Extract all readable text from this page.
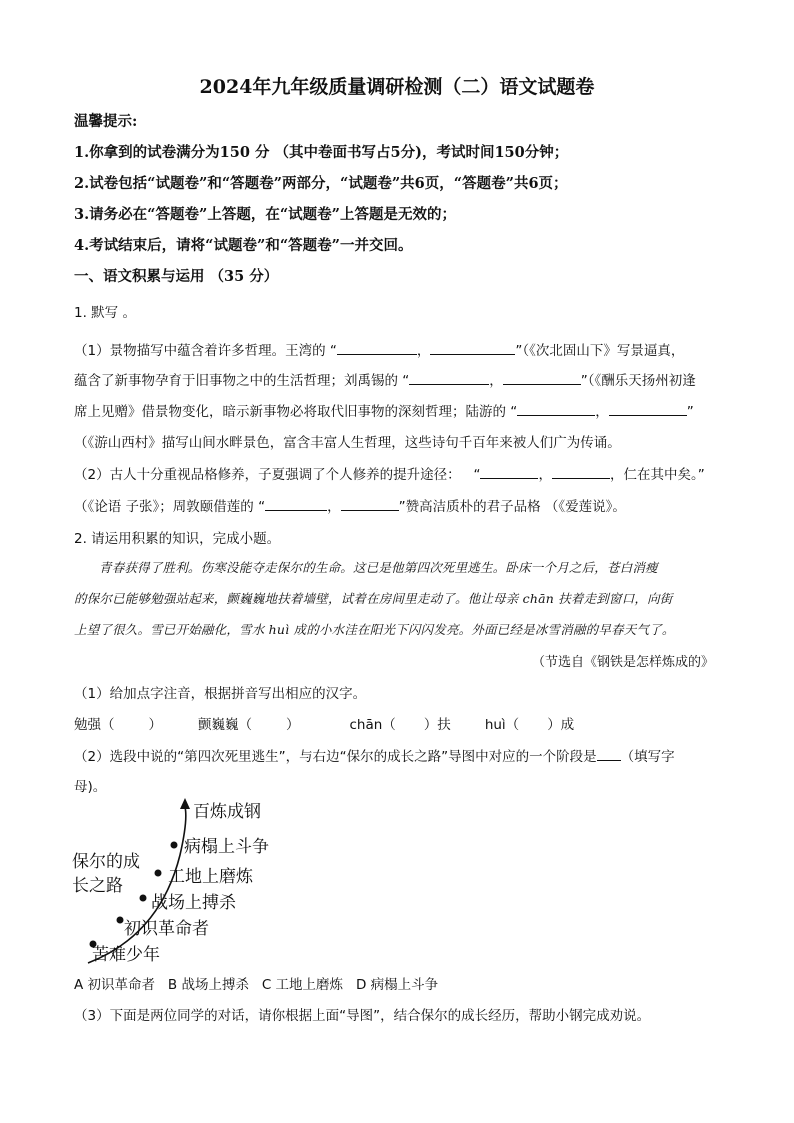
2024年九年级质量调研检测（二）语文试题卷
温馨提示:
1.你拿到的试卷满分为150 分 （其中卷面书写占5分)，考试时间150分钟；
2.试卷包括“试题卷”和“答题卷”两部分，“试题卷”共6页，“答题卷”共6页；
3.请务必在“答题卷”上答题，在“试题卷”上答题是无效的；
4.考试结束后，请将“试题卷”和“答题卷”一并交回。
一、语文积累与运用 （35 分）
1. 默写 。
（1）景物描写中蕴含着许多哲理。王湾的 “	，	”（《次北固山下》写景逼真，
蕴含了新事物孕育于旧事物之中的生活哲理；刘禹锡的 “	，	”（《酬乐天扬州初逢
席上见赠》借景物变化，暗示新事物必将取代旧事物的深刻哲理；陆游的 “	，	”
（《游山西村》描写山间水畔景色，富含丰富人生哲理，这些诗句千百年来被人们广为传诵。
（2）古人十分重视品格修养，子夏强调了个人修养的提升途径： “	，	，仁在其中矣。”
（《论语 子张》；周敦颐借莲的 “	，	”赞高洁质朴的君子品格 （《爱莲说》。
2. 请运用积累的知识，完成小题。
青春获得了胜利。伤寒没能夺走保尔的生命。这已是他第四次死里逃生。卧床一个月之后，苍白消瘦
的保尔已能够勉强站起来，颤巍巍地扶着墙壁，试着在房间里走动了。他让母亲 chān 扶着走到窗口，向街
上望了很久。雪已开始融化，雪水 huì 成的小水洼在阳光下闪闪发亮。外面已经是冰雪消融的早春天气了。
（节选自《钢铁是怎样炼成的》
（1）给加点字注音，根据拼音写出相应的汉字。
勉强（	）	颤巍巍（	）	chān（ ）扶	huì（ ）成
（2）选段中说的“第四次死里逃生”，与右边“保尔的成长之路”导图中对应的一个阶段是 （填写字
母)。
保尔的成
长之路
苦难少年
初识革命者
战场上搏杀
工地上磨炼
病榻上斗争
百炼成钢
A 初识革命者 B 战场上搏杀 C 工地上磨炼 D 病榻上斗争
（3）下面是两位同学的对话，请你根据上面“导图”，结合保尔的成长经历，帮助小钢完成劝说。
